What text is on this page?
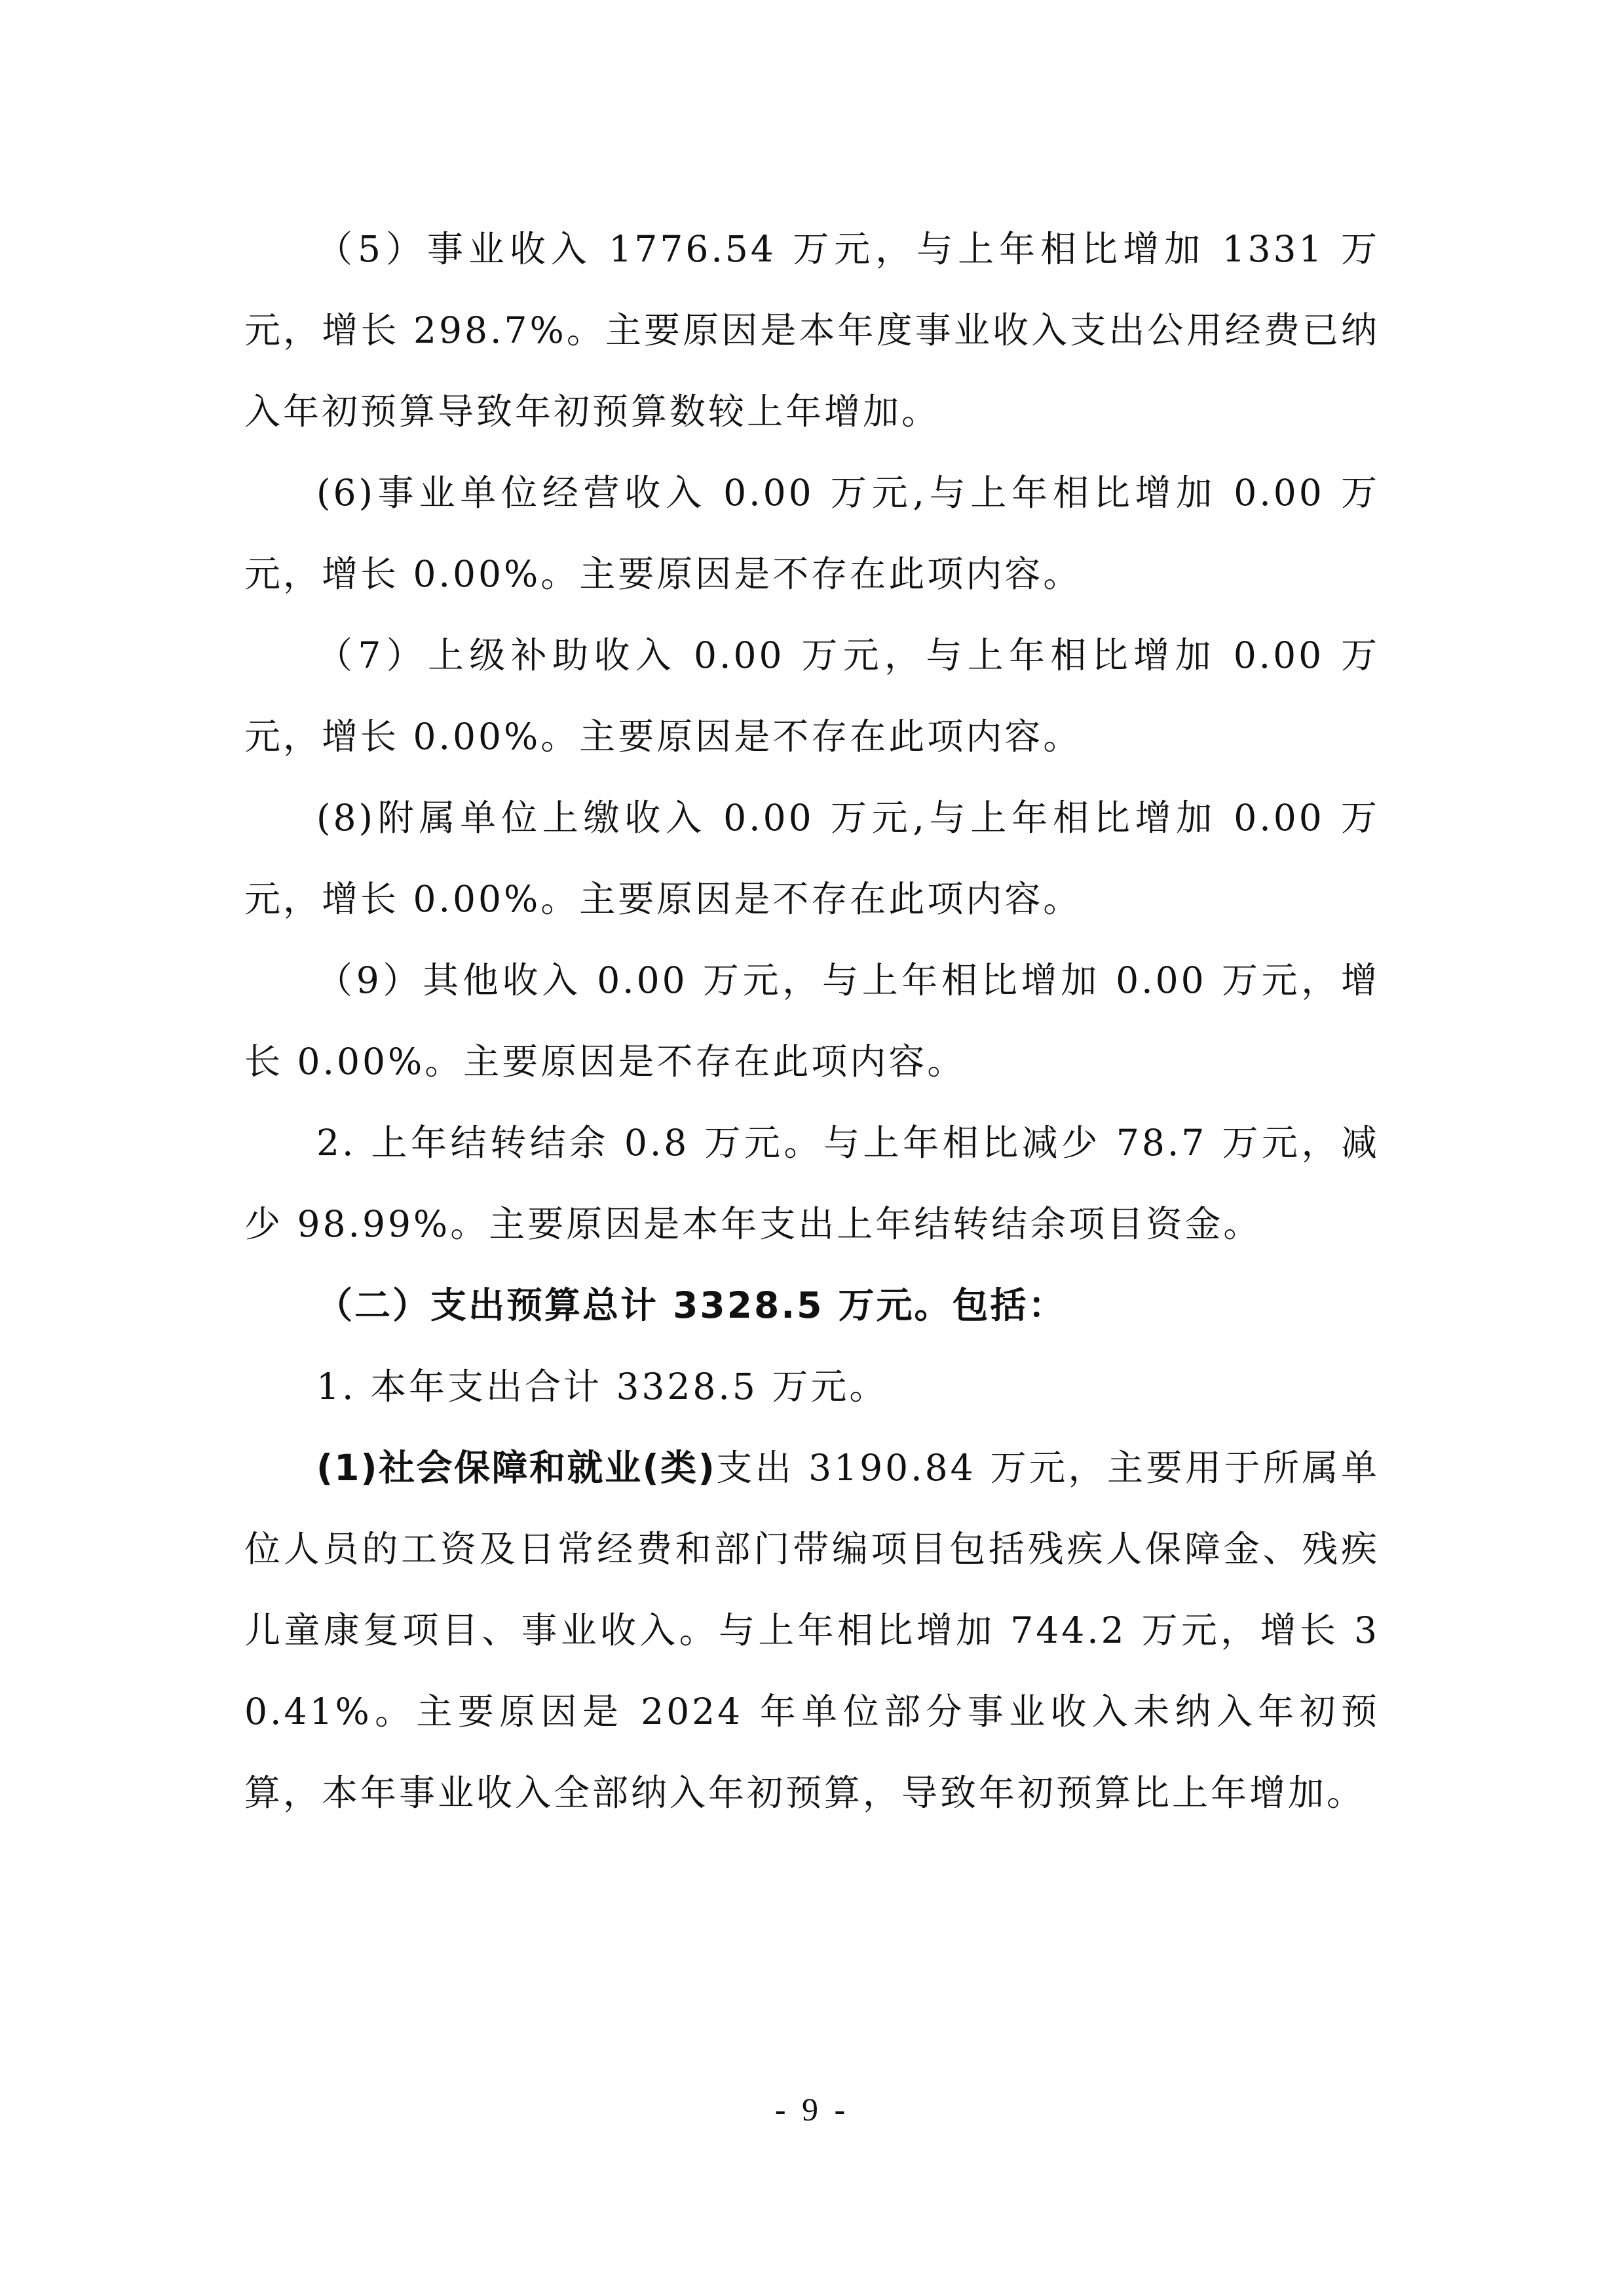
（5）事业收入 1776.54 万元，与上年相比增加 1331 万元，增长 298.7%。主要原因是本年度事业收入支出公用经费已纳入年初预算导致年初预算数较上年增加。

(6)事业单位经营收入 0.00 万元,与上年相比增加 0.00 万元，增长 0.00%。主要原因是不存在此项内容。

（7）上级补助收入 0.00 万元，与上年相比增加 0.00 万元，增长 0.00%。主要原因是不存在此项内容。

(8)附属单位上缴收入 0.00 万元,与上年相比增加 0.00 万元，增长 0.00%。主要原因是不存在此项内容。

（9）其他收入 0.00 万元，与上年相比增加 0.00 万元，增长 0.00%。主要原因是不存在此项内容。

2. 上年结转结余 0.8 万元。与上年相比减少 78.7 万元，减少 98.99%。主要原因是本年支出上年结转结余项目资金。

（二）支出预算总计 3328.5 万元。包括：

1. 本年支出合计 3328.5 万元。

(1)社会保障和就业(类)支出 3190.84 万元，主要用于所属单位人员的工资及日常经费和部门带编项目包括残疾人保障金、残疾儿童康复项目、事业收入。与上年相比增加 744.2 万元，增长 30.41%。主要原因是 2024 年单位部分事业收入未纳入年初预算，本年事业收入全部纳入年初预算，导致年初预算比上年增加。

- 9 -
